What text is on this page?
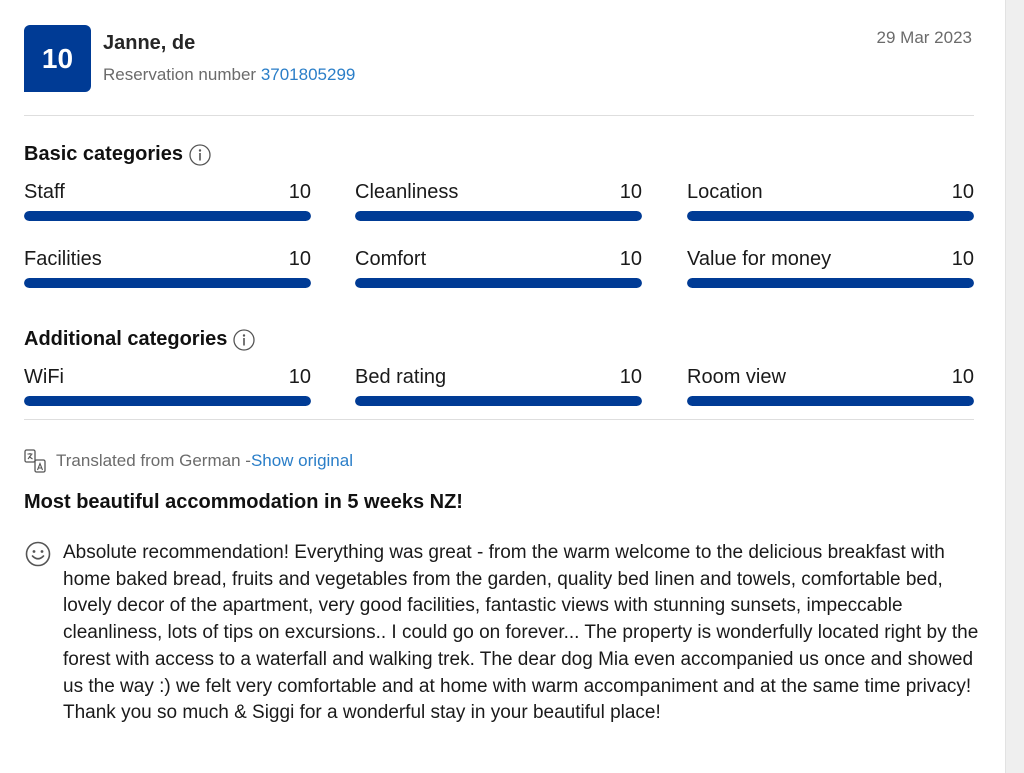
10	Janne, de
Reservation number 3701805299
29 Mar 2023
Basic categories
Staff	10 Cleanliness	10 Location	10
Facilities	10 Comfort	10 Value for money	10
Additional categories
WiFi	10 Bed rating	10 Room view	10
Translated from German - Show original
Most beautiful accommodation in 5 weeks NZ!
Absolute recommendation! Everything was great - from the warm welcome to the delicious breakfast with home baked bread, fruits and vegetables from the garden, quality bed linen and towels, comfortable bed, lovely decor of the apartment, very good facilities, fantastic views with stunning sunsets, impeccable cleanliness, lots of tips on excursions.. I could go on forever... The property is wonderfully located right by the forest with access to a waterfall and walking trek. The dear dog Mia even accompanied us once and showed us the way :) we felt very comfortable and at home with warm accompaniment and at the same time privacy! Thank you so much & Siggi for a wonderful stay in your beautiful place!
